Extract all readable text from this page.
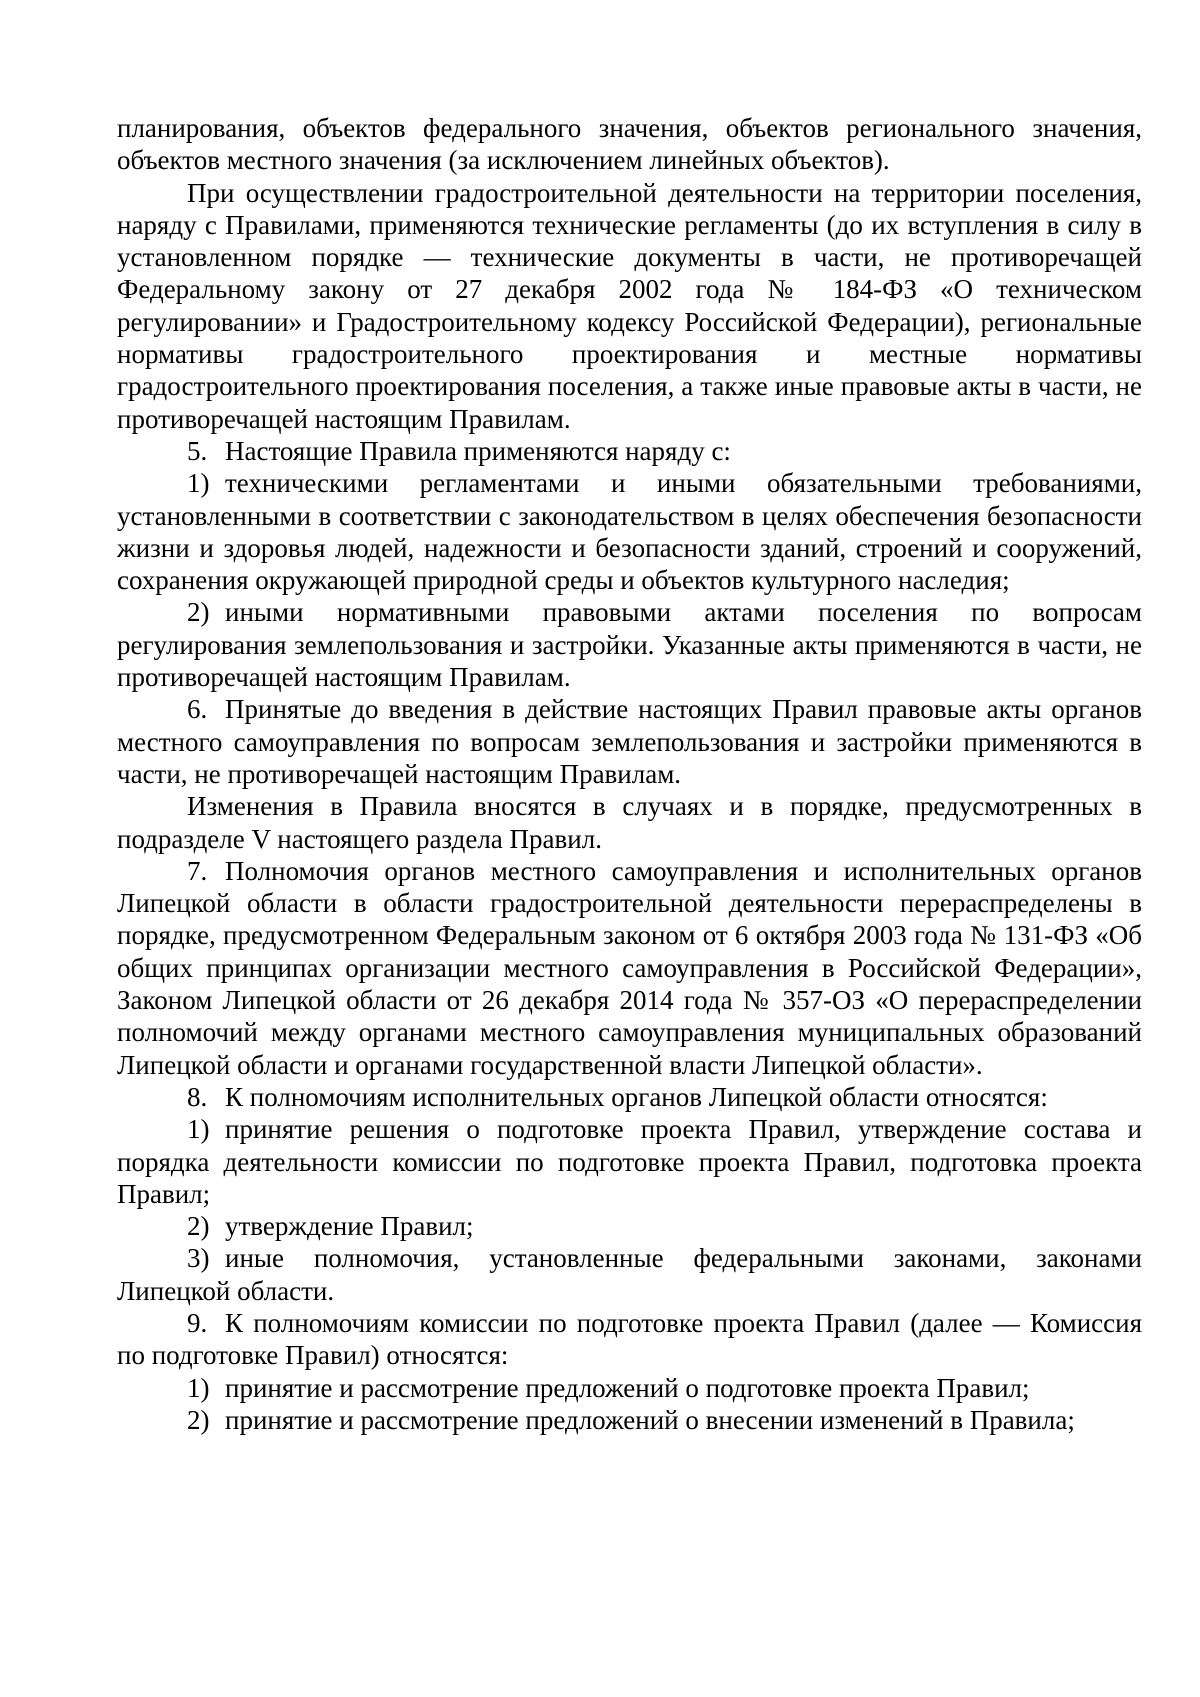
планирования, объектов федерального значения, объектов регионального значения, объектов местного значения (за исключением линейных объектов).

При осуществлении градостроительной деятельности на территории поселения, наряду с Правилами, применяются технические регламенты (до их вступления в силу в установленном порядке — технические документы в части, не противоречащей Федеральному закону от 27 декабря 2002 года № 184-ФЗ «О техническом регулировании» и Градостроительному кодексу Российской Федерации), региональные нормативы градостроительного проектирования и местные нормативы градостроительного проектирования поселения, а также иные правовые акты в части, не противоречащей настоящим Правилам.

5. Настоящие Правила применяются наряду с:

1) техническими регламентами и иными обязательными требованиями, установленными в соответствии с законодательством в целях обеспечения безопасности жизни и здоровья людей, надежности и безопасности зданий, строений и сооружений, сохранения окружающей природной среды и объектов культурного наследия;

2) иными нормативными правовыми актами поселения по вопросам регулирования землепользования и застройки. Указанные акты применяются в части, не противоречащей настоящим Правилам.

6. Принятые до введения в действие настоящих Правил правовые акты органов местного самоуправления по вопросам землепользования и застройки применяются в части, не противоречащей настоящим Правилам.

Изменения в Правила вносятся в случаях и в порядке, предусмотренных в подразделе V настоящего раздела Правил.

7. Полномочия органов местного самоуправления и исполнительных органов Липецкой области в области градостроительной деятельности перераспределены в порядке, предусмотренном Федеральным законом от 6 октября 2003 года № 131-ФЗ «Об общих принципах организации местного самоуправления в Российской Федерации», Законом Липецкой области от 26 декабря 2014 года № 357-ОЗ «О перераспределении полномочий между органами местного самоуправления муниципальных образований Липецкой области и органами государственной власти Липецкой области».

8. К полномочиям исполнительных органов Липецкой области относятся:

1) принятие решения о подготовке проекта Правил, утверждение состава и порядка деятельности комиссии по подготовке проекта Правил, подготовка проекта Правил;

2) утверждение Правил;

3) иные полномочия, установленные федеральными законами, законами Липецкой области.

9. К полномочиям комиссии по подготовке проекта Правил (далее — Комиссия по подготовке Правил) относятся:

1) принятие и рассмотрение предложений о подготовке проекта Правил;

2) принятие и рассмотрение предложений о внесении изменений в Правила;
